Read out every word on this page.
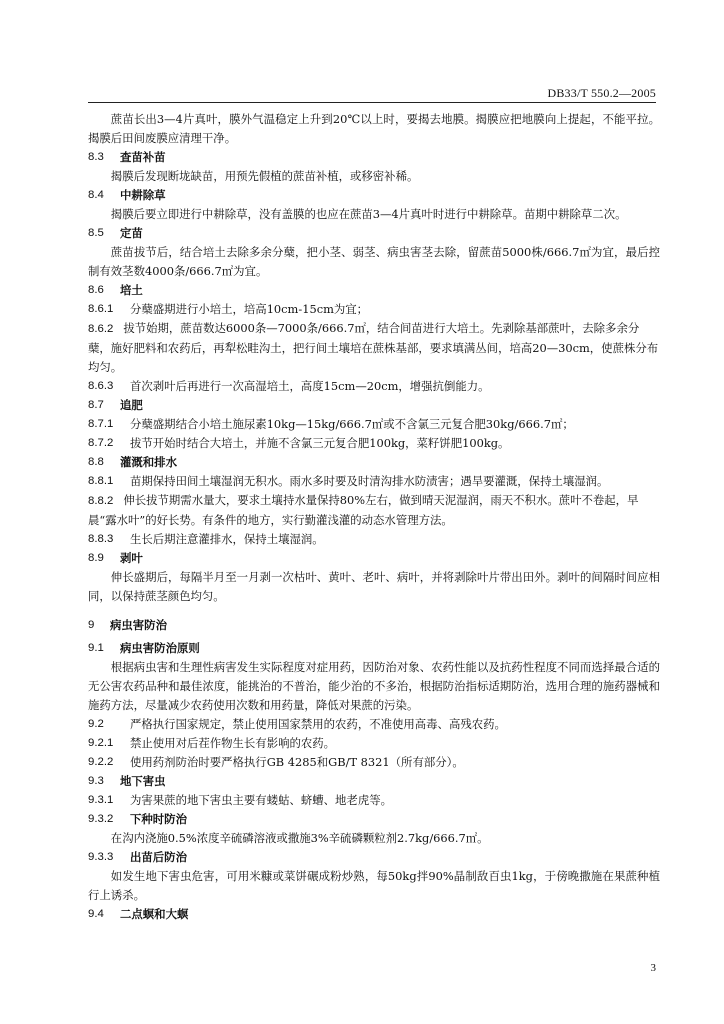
DB33/T 550.2—2005

蔗苗长出3—4片真叶，膜外气温稳定上升到20℃以上时，要揭去地膜。揭膜应把地膜向上提起，不能平拉。揭膜后田间废膜应清理干净。

8.3	查苗补苗

揭膜后发现断垅缺苗，用预先假植的蔗苗补植，或移密补稀。

8.4	中耕除草

揭膜后要立即进行中耕除草，没有盖膜的也应在蔗苗3—4片真叶时进行中耕除草。苗期中耕除草二次。

8.5	定苗

蔗苗拔节后，结合培土去除多余分蘖，把小茎、弱茎、病虫害茎去除，留蔗苗5000株/666.7㎡为宜，最后控制有效茎数4000条/666.7㎡为宜。

8.6	培土
8.6.1	分蘖盛期进行小培土，培高10cm-15cm为宜；
8.6.2 拔节始期，蔗苗数达6000条—7000条/666.7㎡，结合间苗进行大培土。先剥除基部蔗叶，去除多余分蘖，施好肥料和农药后，再犁松畦沟土，把行间土壤培在蔗株基部，要求填满丛间，培高20—30cm，使蔗株分布均匀。
8.6.3	首次剥叶后再进行一次高湿培土，高度15cm—20cm，增强抗倒能力。
8.7	追肥
8.7.1	分蘖盛期结合小培土施尿素10kg—15kg/666.7㎡或不含氯三元复合肥30kg/666.7㎡；
8.7.2	拔节开始时结合大培土，并施不含氯三元复合肥100kg，菜籽饼肥100kg。
8.8	灌溉和排水
8.8.1	苗期保持田间土壤湿润无积水。雨水多时要及时清沟排水防渍害；遇旱要灌溉，保持土壤湿润。
8.8.2 伸长拔节期需水量大，要求土壤持水量保持80%左右，做到晴天泥湿润，雨天不积水。蔗叶不卷起，早晨“露水叶”的好长势。有条件的地方，实行勤灌浅灌的动态水管理方法。
8.8.3	生长后期注意灌排水，保持土壤湿润。
8.9	剥叶

伸长盛期后，每隔半月至一月剥一次枯叶、黄叶、老叶、病叶，并将剥除叶片带出田外。剥叶的间隔时间应相同，以保持蔗茎颜色均匀。

9	病虫害防治
9.1	病虫害防治原则

根据病虫害和生理性病害发生实际程度对症用药，因防治对象、农药性能以及抗药性程度不同而选择最合适的无公害农药品种和最佳浓度，能挑治的不普治，能少治的不多治，根据防治指标适期防治，选用合理的施药器械和施药方法，尽量减少农药使用次数和用药量，降低对果蔗的污染。

9.2	严格执行国家规定，禁止使用国家禁用的农药，不准使用高毒、高残农药。
9.2.1	禁止使用对后茬作物生长有影响的农药。
9.2.2	使用药剂防治时要严格执行GB 4285和GB/T 8321（所有部分）。
9.3	地下害虫
9.3.1	为害果蔗的地下害虫主要有蝼蛄、蛴螬、地老虎等。
9.3.2	下种时防治

在沟内浇施0.5%浓度辛硫磷溶液或撒施3%辛硫磷颗粒剂2.7kg/666.7㎡。

9.3.3	出苗后防治

如发生地下害虫危害，可用米糠或菜饼碾成粉炒熟，每50kg拌90%晶制敌百虫1kg，于傍晚撒施在果蔗种植行上诱杀。

9.4	二点螟和大螟
3
